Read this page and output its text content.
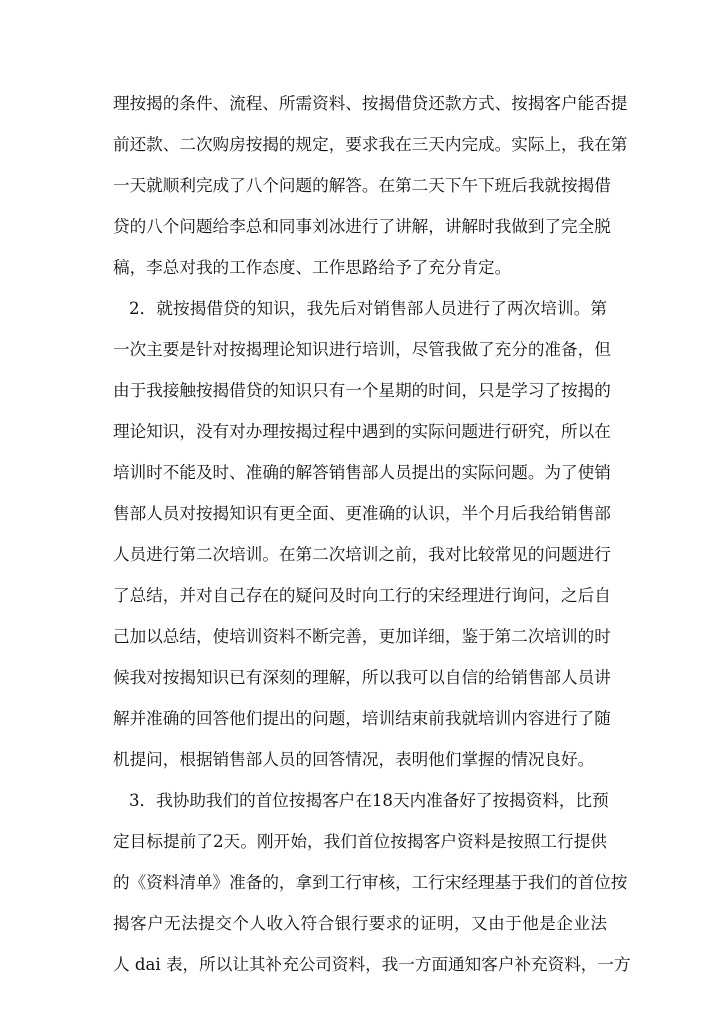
理按揭的条件、流程、所需资料、按揭借贷还款方式、按揭客户能否提
前还款、二次购房按揭的规定，要求我在三天内完成。实际上，我在第
一天就顺利完成了八个问题的解答。在第二天下午下班后我就按揭借
贷的八个问题给李总和同事刘冰进行了讲解，讲解时我做到了完全脱
稿，李总对我的工作态度、工作思路给予了充分肯定。
2．就按揭借贷的知识，我先后对销售部人员进行了两次培训。第
一次主要是针对按揭理论知识进行培训，尽管我做了充分的准备，但
由于我接触按揭借贷的知识只有一个星期的时间，只是学习了按揭的
理论知识，没有对办理按揭过程中遇到的实际问题进行研究，所以在
培训时不能及时、准确的解答销售部人员提出的实际问题。为了使销
售部人员对按揭知识有更全面、更准确的认识，半个月后我给销售部
人员进行第二次培训。在第二次培训之前，我对比较常见的问题进行
了总结，并对自己存在的疑问及时向工行的宋经理进行询问，之后自
己加以总结，使培训资料不断完善，更加详细，鉴于第二次培训的时
候我对按揭知识已有深刻的理解，所以我可以自信的给销售部人员讲
解并准确的回答他们提出的问题，培训结束前我就培训内容进行了随
机提问，根据销售部人员的回答情况，表明他们掌握的情况良好。
3．我协助我们的首位按揭客户在18天内准备好了按揭资料，比预
定目标提前了2天。刚开始，我们首位按揭客户资料是按照工行提供
的《资料清单》准备的，拿到工行审核，工行宋经理基于我们的首位按
揭客户无法提交个人收入符合银行要求的证明，又由于他是企业法
人 dai 表，所以让其补充公司资料，我一方面通知客户补充资料，一方
